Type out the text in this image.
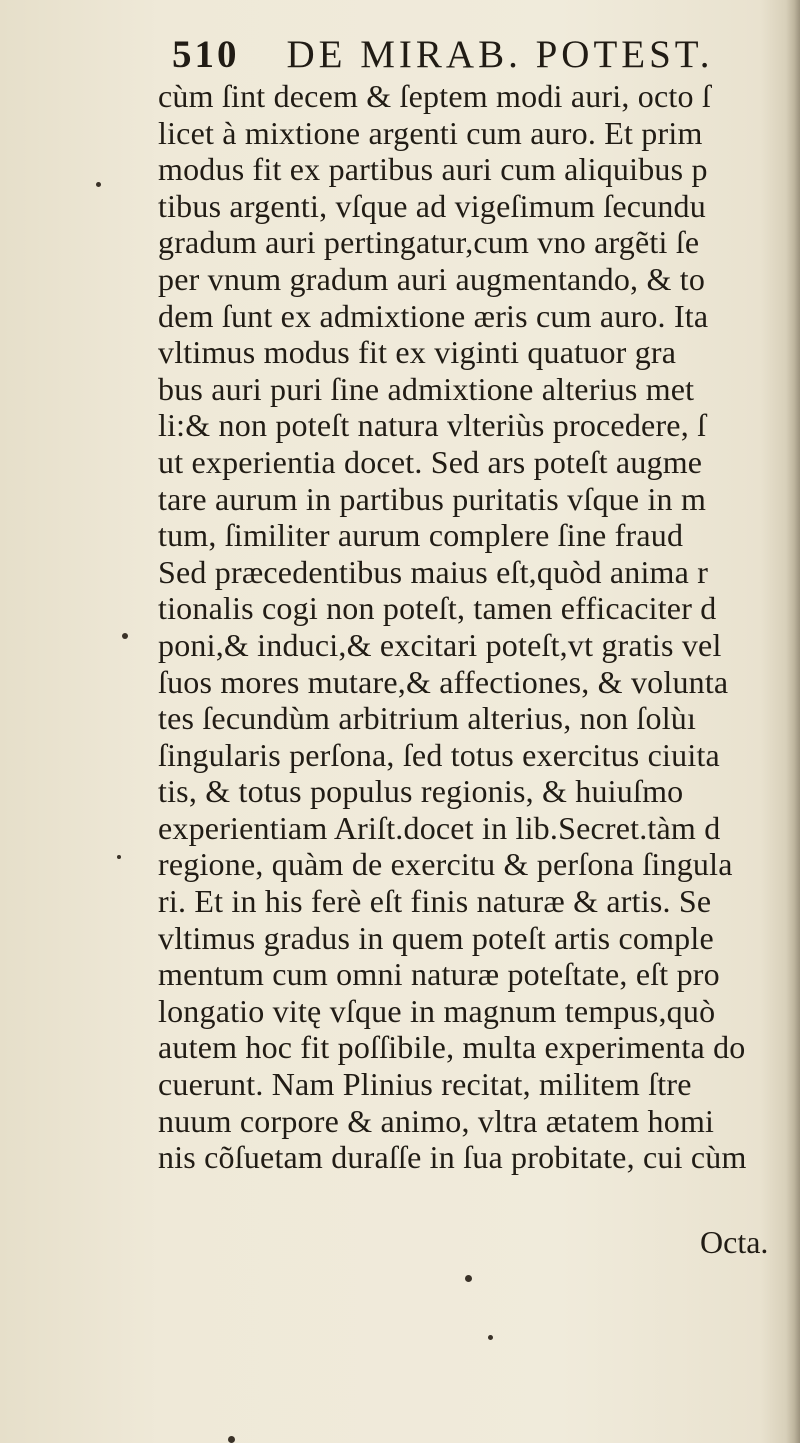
510 DE MIRAB. POTEST.
cùm ſint decem & ſeptem modi auri, octo ſ
licet à mixtione argenti cum auro. Et prim
modus fit ex partibus auri cum aliquibus p
tibus argenti, vſque ad vigeſimum ſecundu
gradum auri pertingatur,cum vno argẽti ſe
per vnum gradum auri augmentando, & to
dem ſunt ex admixtione æris cum auro. Ita
vltimus modus fit ex viginti quatuor gra
bus auri puri ſine admixtione alterius met
li:& non poteſt natura vlteriùs procedere, ſ
ut experientia docet. Sed ars poteſt augme
tare aurum in partibus puritatis vſque in m
tum, ſimiliter aurum complere ſine fraud
Sed præcedentibus maius eſt,quòd anima r
tionalis cogi non poteſt, tamen efficaciter d
poni,& induci,& excitari poteſt,vt gratis vel
ſuos mores mutare,& affectiones, & volunta
tes ſecundùm arbitrium alterius, non ſolùı
ſingularis perſona, ſed totus exercitus ciuita
tis, & totus populus regionis, & huiuſmo
experientiam Ariſt.docet in lib.Secret.tàm d
regione, quàm de exercitu & perſona ſingula
ri. Et in his ferè eſt finis naturæ & artis. Se
vltimus gradus in quem poteſt artis comple
mentum cum omni naturæ poteſtate, eſt pro
longatio vitę vſque in magnum tempus,quò
autem hoc fit poſſibile, multa experimenta do
cuerunt. Nam Plinius recitat, militem ſtre
nuum corpore & animo, vltra ætatem homi
nis cõſuetam duraſſe in ſua probitate, cui cùm
Octa.
